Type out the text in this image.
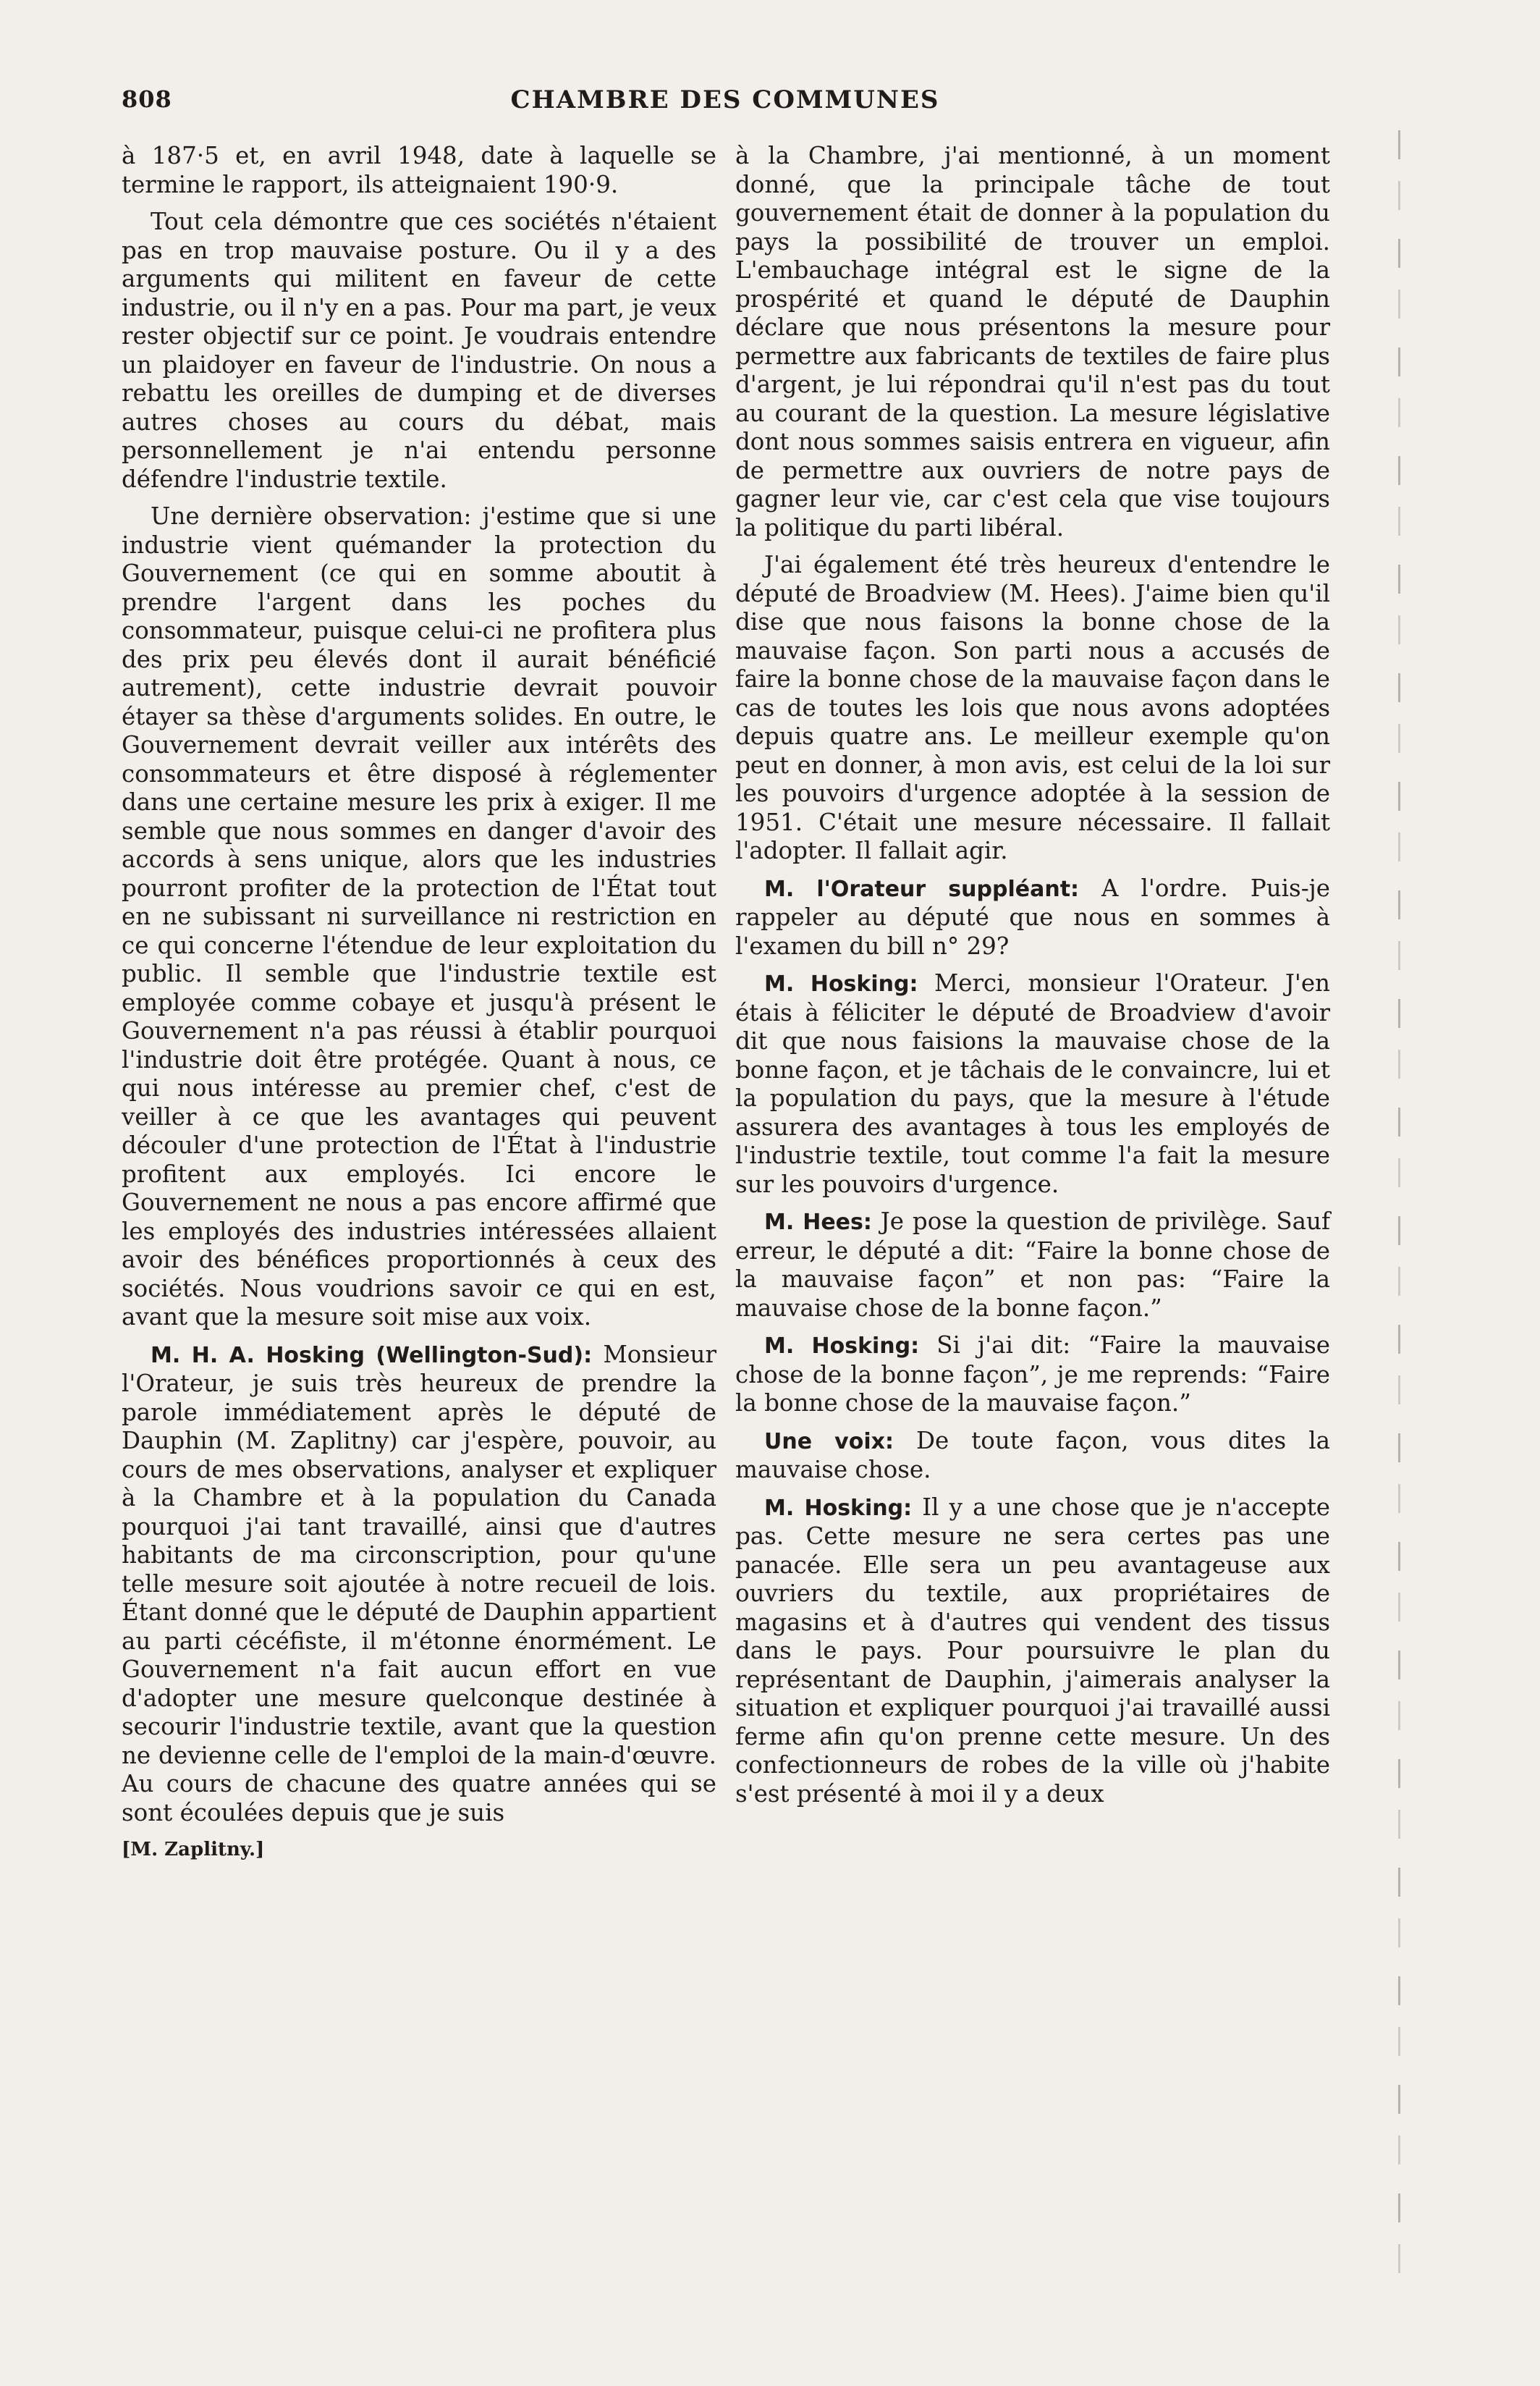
808	CHAMBRE DES COMMUNES

à 187·5 et, en avril 1948, date à laquelle se termine le rapport, ils atteignaient 190·9.

Tout cela démontre que ces sociétés n'étaient pas en trop mauvaise posture. Ou il y a des arguments qui militent en faveur de cette industrie, ou il n'y en a pas. Pour ma part, je veux rester objectif sur ce point. Je voudrais entendre un plaidoyer en faveur de l'industrie. On nous a rebattu les oreilles de dumping et de diverses autres choses au cours du débat, mais personnellement je n'ai entendu personne défendre l'industrie textile.

Une dernière observation: j'estime que si une industrie vient quémander la protection du Gouvernement (ce qui en somme aboutit à prendre l'argent dans les poches du consommateur, puisque celui-ci ne profitera plus des prix peu élevés dont il aurait bénéficié autrement), cette industrie devrait pouvoir étayer sa thèse d'arguments solides. En outre, le Gouvernement devrait veiller aux intérêts des consommateurs et être disposé à réglementer dans une certaine mesure les prix à exiger. Il me semble que nous sommes en danger d'avoir des accords à sens unique, alors que les industries pourront profiter de la protection de l'État tout en ne subissant ni surveillance ni restriction en ce qui concerne l'étendue de leur exploitation du public. Il semble que l'industrie textile est employée comme cobaye et jusqu'à présent le Gouvernement n'a pas réussi à établir pourquoi l'industrie doit être protégée. Quant à nous, ce qui nous intéresse au premier chef, c'est de veiller à ce que les avantages qui peuvent découler d'une protection de l'État à l'industrie profitent aux employés. Ici encore le Gouvernement ne nous a pas encore affirmé que les employés des industries intéressées allaient avoir des bénéfices proportionnés à ceux des sociétés. Nous voudrions savoir ce qui en est, avant que la mesure soit mise aux voix.

M. H. A. Hosking (Wellington-Sud): Monsieur l'Orateur, je suis très heureux de prendre la parole immédiatement après le député de Dauphin (M. Zaplitny) car j'espère, pouvoir, au cours de mes observations, analyser et expliquer à la Chambre et à la population du Canada pourquoi j'ai tant travaillé, ainsi que d'autres habitants de ma circonscription, pour qu'une telle mesure soit ajoutée à notre recueil de lois. Étant donné que le député de Dauphin appartient au parti cécéfiste, il m'étonne énormément. Le Gouvernement n'a fait aucun effort en vue d'adopter une mesure quelconque destinée à secourir l'industrie textile, avant que la question ne devienne celle de l'emploi de la main-d'œuvre. Au cours de chacune des quatre années qui se sont écoulées depuis que je suis

[M. Zaplitny.]

à la Chambre, j'ai mentionné, à un moment donné, que la principale tâche de tout gouvernement était de donner à la population du pays la possibilité de trouver un emploi. L'embauchage intégral est le signe de la prospérité et quand le député de Dauphin déclare que nous présentons la mesure pour permettre aux fabricants de textiles de faire plus d'argent, je lui répondrai qu'il n'est pas du tout au courant de la question. La mesure législative dont nous sommes saisis entrera en vigueur, afin de permettre aux ouvriers de notre pays de gagner leur vie, car c'est cela que vise toujours la politique du parti libéral.

J'ai également été très heureux d'entendre le député de Broadview (M. Hees). J'aime bien qu'il dise que nous faisons la bonne chose de la mauvaise façon. Son parti nous a accusés de faire la bonne chose de la mauvaise façon dans le cas de toutes les lois que nous avons adoptées depuis quatre ans. Le meilleur exemple qu'on peut en donner, à mon avis, est celui de la loi sur les pouvoirs d'urgence adoptée à la session de 1951. C'était une mesure nécessaire. Il fallait l'adopter. Il fallait agir.

M. l'Orateur suppléant: A l'ordre. Puis-je rappeler au député que nous en sommes à l'examen du bill n° 29?

M. Hosking: Merci, monsieur l'Orateur. J'en étais à féliciter le député de Broadview d'avoir dit que nous faisions la mauvaise chose de la bonne façon, et je tâchais de le convaincre, lui et la population du pays, que la mesure à l'étude assurera des avantages à tous les employés de l'industrie textile, tout comme l'a fait la mesure sur les pouvoirs d'urgence.

M. Hees: Je pose la question de privilège. Sauf erreur, le député a dit: “Faire la bonne chose de la mauvaise façon” et non pas: “Faire la mauvaise chose de la bonne façon.”

M. Hosking: Si j'ai dit: “Faire la mauvaise chose de la bonne façon”, je me reprends: “Faire la bonne chose de la mauvaise façon.”

Une voix: De toute façon, vous dites la mauvaise chose.

M. Hosking: Il y a une chose que je n'accepte pas. Cette mesure ne sera certes pas une panacée. Elle sera un peu avantageuse aux ouvriers du textile, aux propriétaires de magasins et à d'autres qui vendent des tissus dans le pays. Pour poursuivre le plan du représentant de Dauphin, j'aimerais analyser la situation et expliquer pourquoi j'ai travaillé aussi ferme afin qu'on prenne cette mesure. Un des confectionneurs de robes de la ville où j'habite s'est présenté à moi il y a deux
